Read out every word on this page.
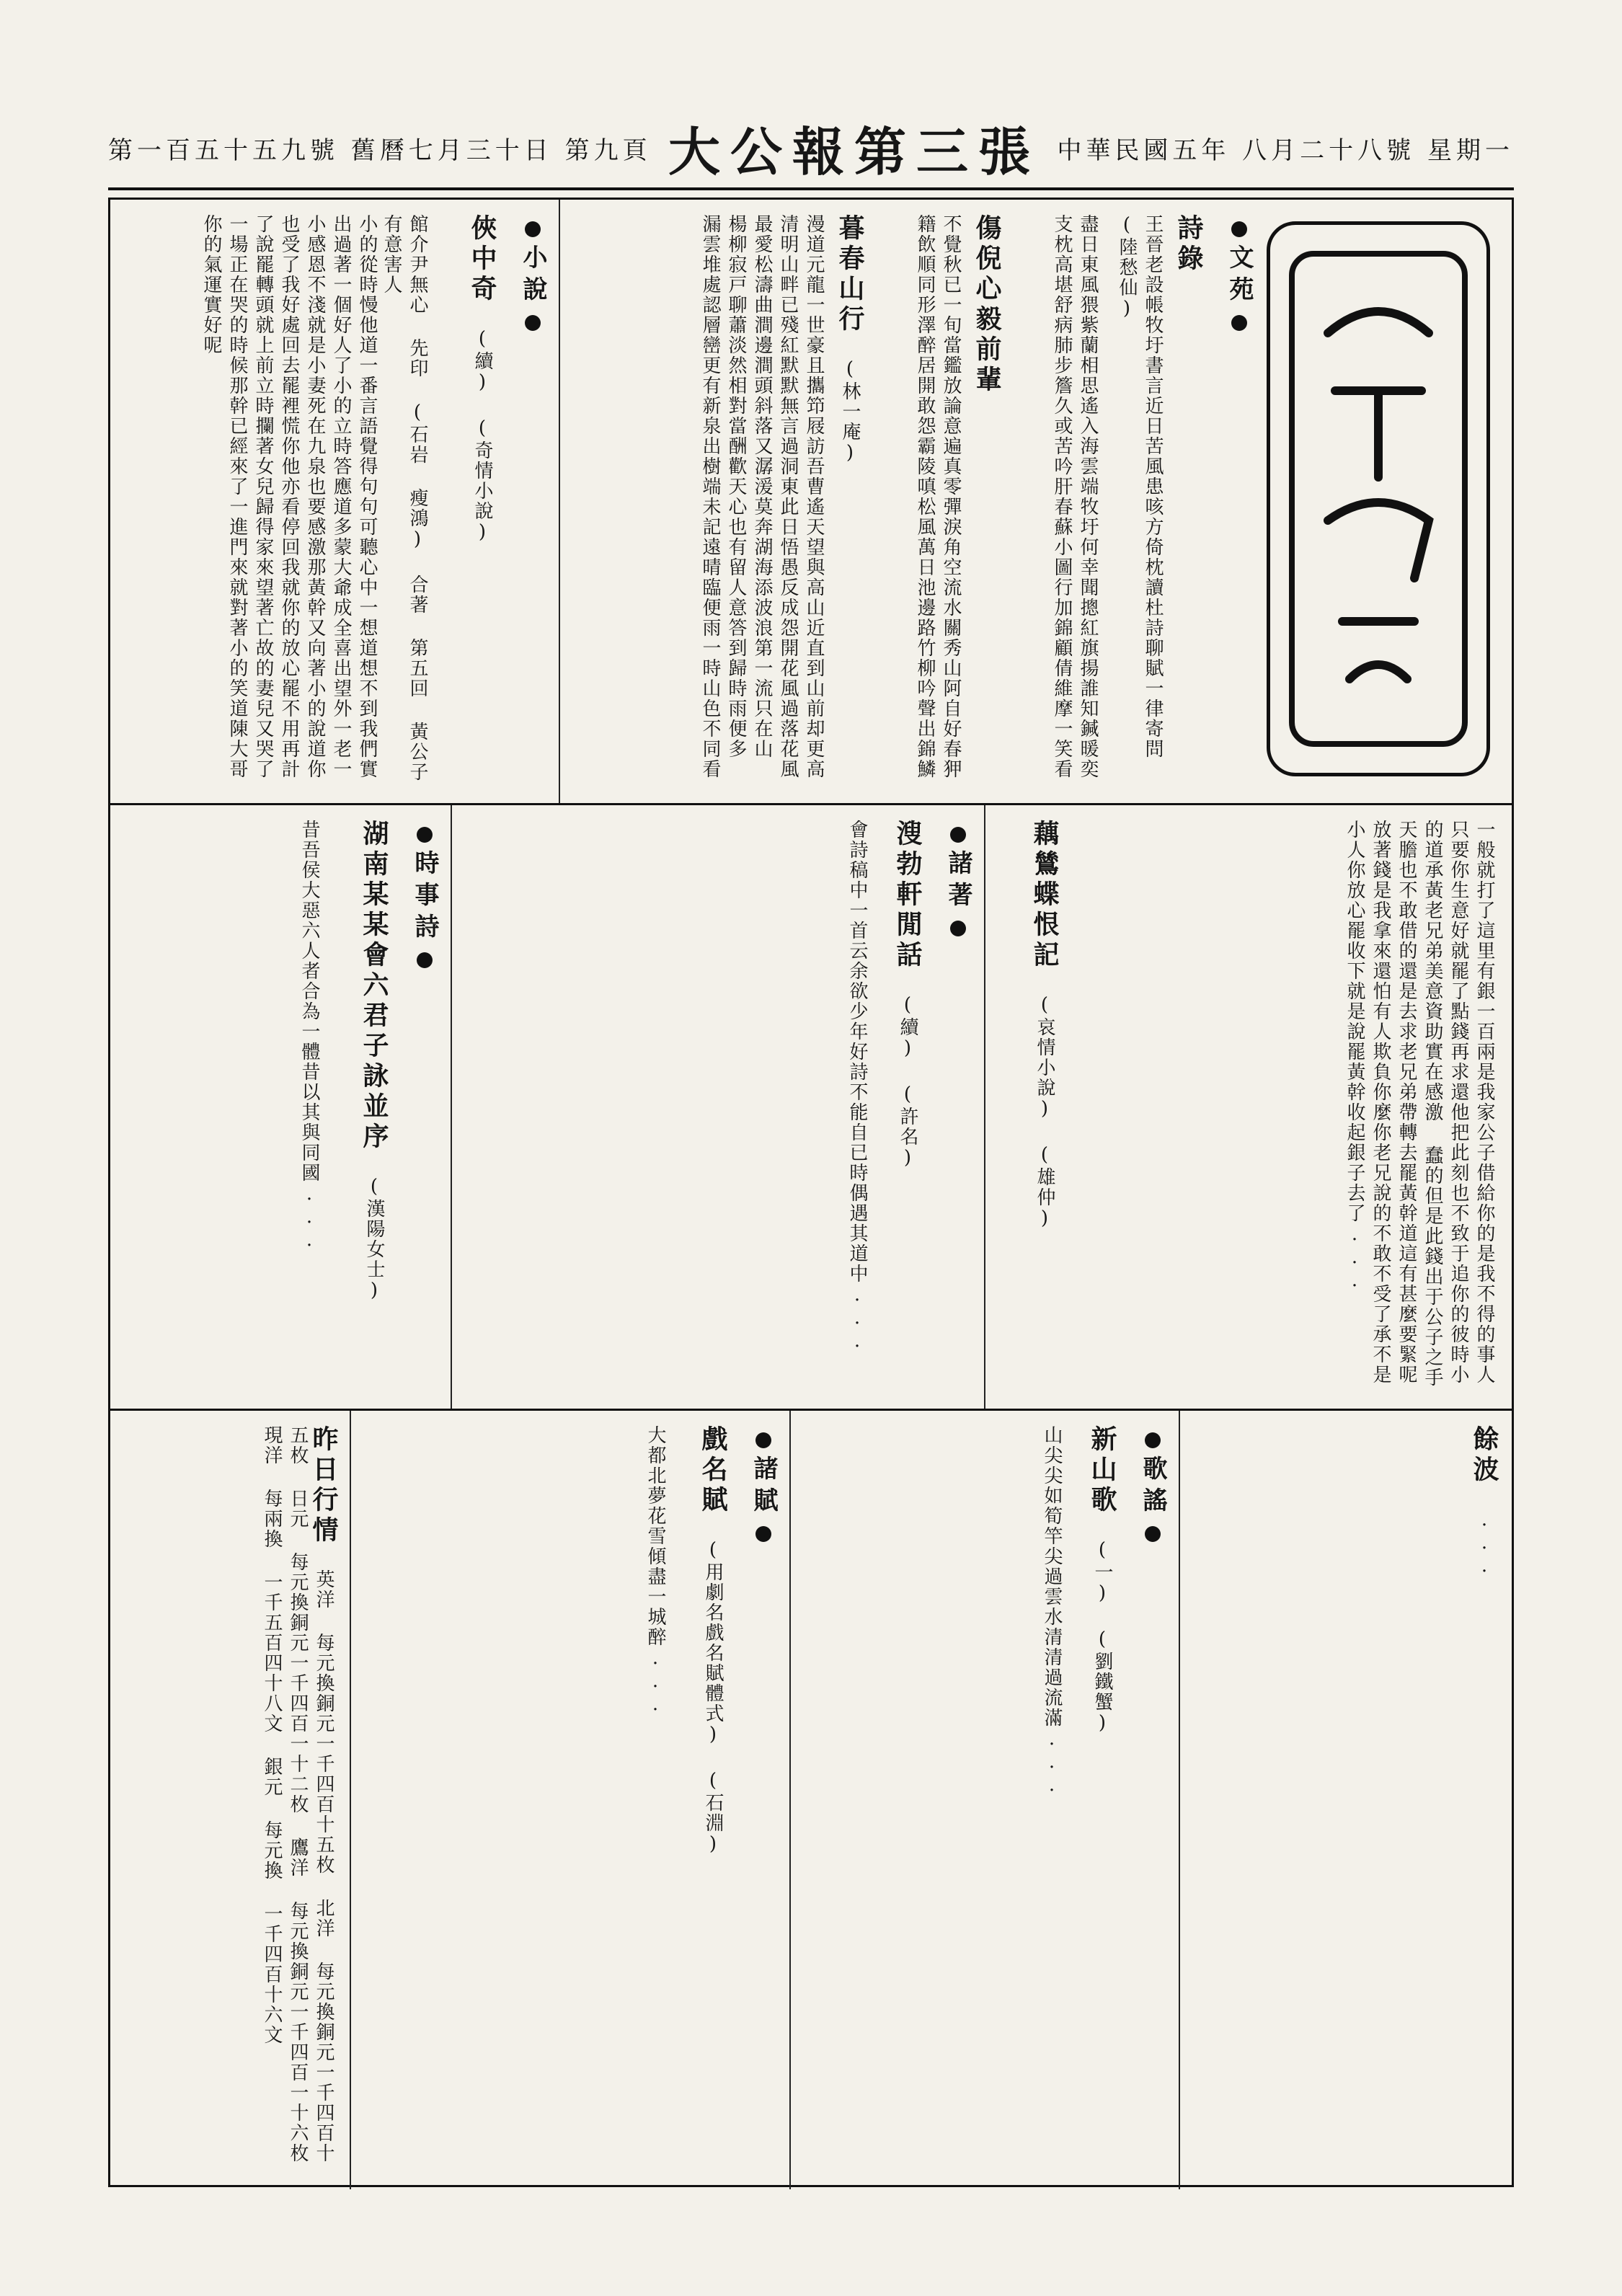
第一百五十五九號 舊曆七月三十日 第九頁 大公報第三張 中華民國五年 八月二十八號 星期一
文苑
詩錄
王晉老設帳牧圩書言近日苦風患咳方倚枕讀杜詩聊賦一律寄問 (陸愁仙)
盡日東風猥紫蘭相思遙入海雲端牧圩何幸聞摠紅旗揚誰知鍼暖奕支枕高堪舒病肺步簷久或苦吟肝春蘇小圖行加錦顧倩維摩一笑看
傷倪心毅前輩
不覺秋已一旬當鑑放論意遍真零彈淚角空流水關秀山阿自好春狎籍飲順同形澤醉居開敢怨霸陵嗔松風萬日池邊路竹柳吟聲出錦鱗
暮春山行 (林一庵)
漫道元龍一世豪且攜笻屐訪吾曹遙天望與高山近直到山前却更高 清明山畔已殘紅默默無言過洞東此日悟愚反成怨開花風過落花風 最愛松濤曲澗邊澗頭斜落又潺湲莫奔湖海添波浪第一流只在山 楊柳寂戸聊蕭淡然相對當酬歡天心也有留人意答到歸時雨便多 漏雲堆處認層巒更有新泉出樹端未記遠晴臨便雨一時山色不同看
小說
俠中奇 (續) (奇情小說)
館介尹無心 先印 (石岩 瘦鴻) 合著 第五回 黃公子有意害人
小的從時慢他道一番言語覺得句句可聽心中一想道想不到我們實出過著一個好人了小的立時答應道多蒙大爺成全喜出望外一老一小感恩不淺就是小妻死在九泉也要感激那黃幹又向著小的說道你也受了我好處回去罷裡慌你他亦看停回我就你的放心罷不用再計了說罷轉頭就上前立時攔著女兒歸得家來望著亡故的妻兒又哭了一場正在哭的時候那幹已經來了一進門來就對著小的笑道陳大哥你的氣運實好呢
一般就打了這里有銀一百兩是我家公子借給你的是我不得的事人只要你生意好就罷了點錢再求還他把此刻也不致于追你的彼時小的道承黃老兄弟美意資助實在感激 蠢的但是此錢出于公子之手天膽也不敢借的還是去求老兄弟帶轉去罷黃幹道這有甚麼要緊呢放著錢是我拿來還怕有人欺負你麼你老兄說的不敢不受了承不是小人你放心罷收下就是說罷黃幹收起銀子去了...
藕鷥蝶恨記 (哀情小說) (雄仲)
諸著
溲勃軒閒話 (續) (許名)
會詩稿中一首云余欲少年好詩不能自已時偶遇其道中...
時事詩
湖南某某會六君子詠並序 (漢陽女士)
昔吾侯大惡六人者合為一體昔以其與同國...
餘波 ...
歌謠
新山歌 (一) (劉鐵蟹)
山尖尖如筍竿尖過雲水清清過流滿...
諸賦
戲名賦 (用劇名戲名賦體式) (石淵)
大都北夢花雪傾盡一城醉...
昨日行情 英洋 每元換銅元一千四百十五枚 北洋 每元換銅元一千四百十五枚 日元 每元換銅元一千四百一十二枚 鷹洋 每元換銅元一千四百一十六枚 現洋 每兩換 一千五百四十八文 銀元 每元換 一千四百十六文
